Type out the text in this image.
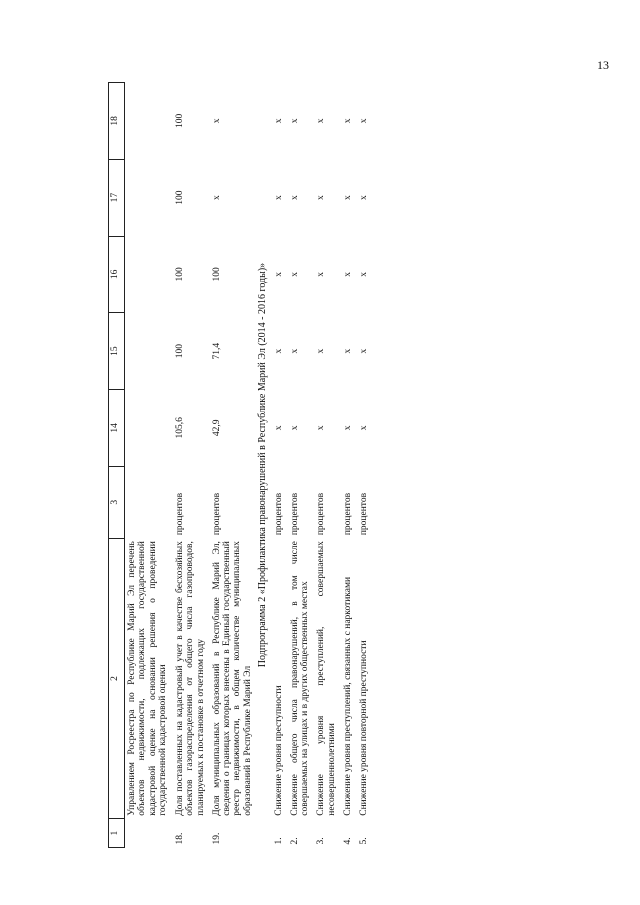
13
1	2	3	14	15	16	17	18
	Управлением Росреестра по Республике Марий Эл перечень объектов недвижимости, подлежащих государственной кадастровой оценке на основании решения о проведении государственной кадастровой оценки						
18.	Доля поставленных на кадастровый учет в качестве бесхозяйных объектов газораспределения от общего числа газопроводов, планируемых к постановке в отчетном году	процентов	105,6	100	100	100	100
19.	Доля муниципальных образований в Республике Марий Эл, сведения о границах которых внесены в Единый государственный реестр недвижимости, в общем количестве муниципальных образований в Республике Марий Эл	процентов	42,9	71,4	100	х	х
Подпрограмма 2 «Профилактика правонарушений в Республике Марий Эл (2014 - 2016 годы)»							
1.	Снижение уровня преступности	процентов	х	х	х	х	х
2.	Снижение общего числа правонарушений, в том числе совершаемых на улицах и в других общественных местах	процентов	х	х	х	х	х
3.	Снижение уровня преступлений, совершаемых несовершеннолетними	процентов	х	х	х	х	х
4.	Снижение уровня преступлений, связанных с наркотиками	процентов	х	х	х	х	х
5.	Снижение уровня повторной преступности	процентов	х	х	х	х	х
